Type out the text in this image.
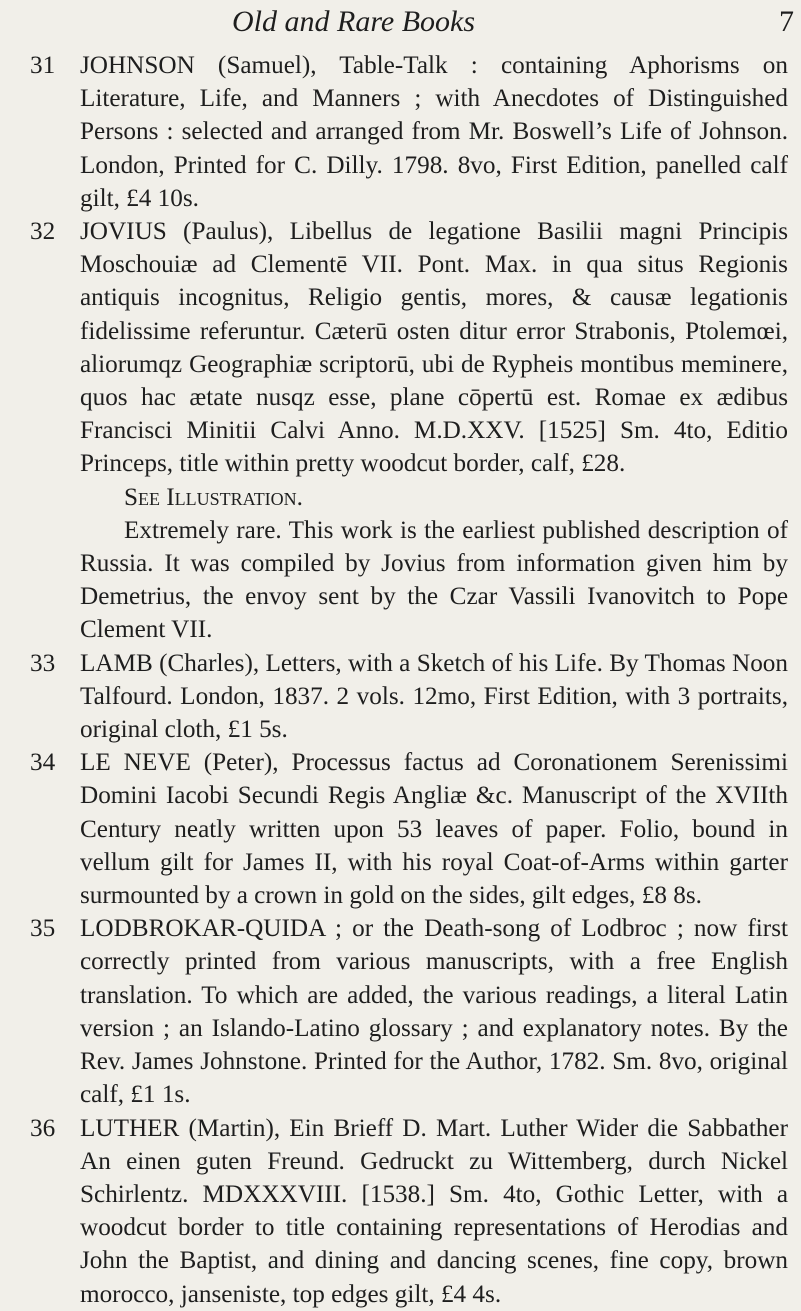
Old and Rare Books	7
31 JOHNSON (Samuel), Table-Talk : containing Aphorisms on Literature, Life, and Manners ; with Anecdotes of Distinguished Persons : selected and arranged from Mr. Boswell’s Life of Johnson. London, Printed for C. Dilly. 1798. 8vo, First Edition, panelled calf gilt, £4 10s.

32 JOVIUS (Paulus), Libellus de legatione Basilii magni Principis Moschouiæ ad Clementē VII. Pont. Max. in qua situs Regionis antiquis incognitus, Religio gentis, mores, & causæ legationis fidelissime referuntur. Cæterū osten ditur error Strabonis, Ptolemœi, aliorumqz Geographiæ scriptorū, ubi de Rypheis montibus meminere, quos hac ætate nusqz esse, plane cōpertū est. Romae ex ædibus Francisci Minitii Calvi Anno. M.D.XXV. [1525] Sm. 4to, Editio Princeps, title within pretty woodcut border, calf, £28.

See Illustration.

Extremely rare. This work is the earliest published description of Russia. It was compiled by Jovius from information given him by Demetrius, the envoy sent by the Czar Vassili Ivanovitch to Pope Clement VII.

33 LAMB (Charles), Letters, with a Sketch of his Life. By Thomas Noon Talfourd. London, 1837. 2 vols. 12mo, First Edition, with 3 portraits, original cloth, £1 5s.

34 LE NEVE (Peter), Processus factus ad Coronationem Serenissimi Domini Iacobi Secundi Regis Angliæ &c. Manuscript of the XVIIth Century neatly written upon 53 leaves of paper. Folio, bound in vellum gilt for James II, with his royal Coat-of-Arms within garter surmounted by a crown in gold on the sides, gilt edges, £8 8s.

35 LODBROKAR-QUIDA ; or the Death-song of Lodbroc ; now first correctly printed from various manuscripts, with a free English translation. To which are added, the various readings, a literal Latin version ; an Islando-Latino glossary ; and explanatory notes. By the Rev. James Johnstone. Printed for the Author, 1782. Sm. 8vo, original calf, £1 1s.

36 LUTHER (Martin), Ein Brieff D. Mart. Luther Wider die Sabbather An einen guten Freund. Gedruckt zu Wittemberg, durch Nickel Schirlentz. MDXXXVIII. [1538.] Sm. 4to, Gothic Letter, with a woodcut border to title containing representations of Herodias and John the Baptist, and dining and dancing scenes, fine copy, brown morocco, janseniste, top edges gilt, £4 4s.
